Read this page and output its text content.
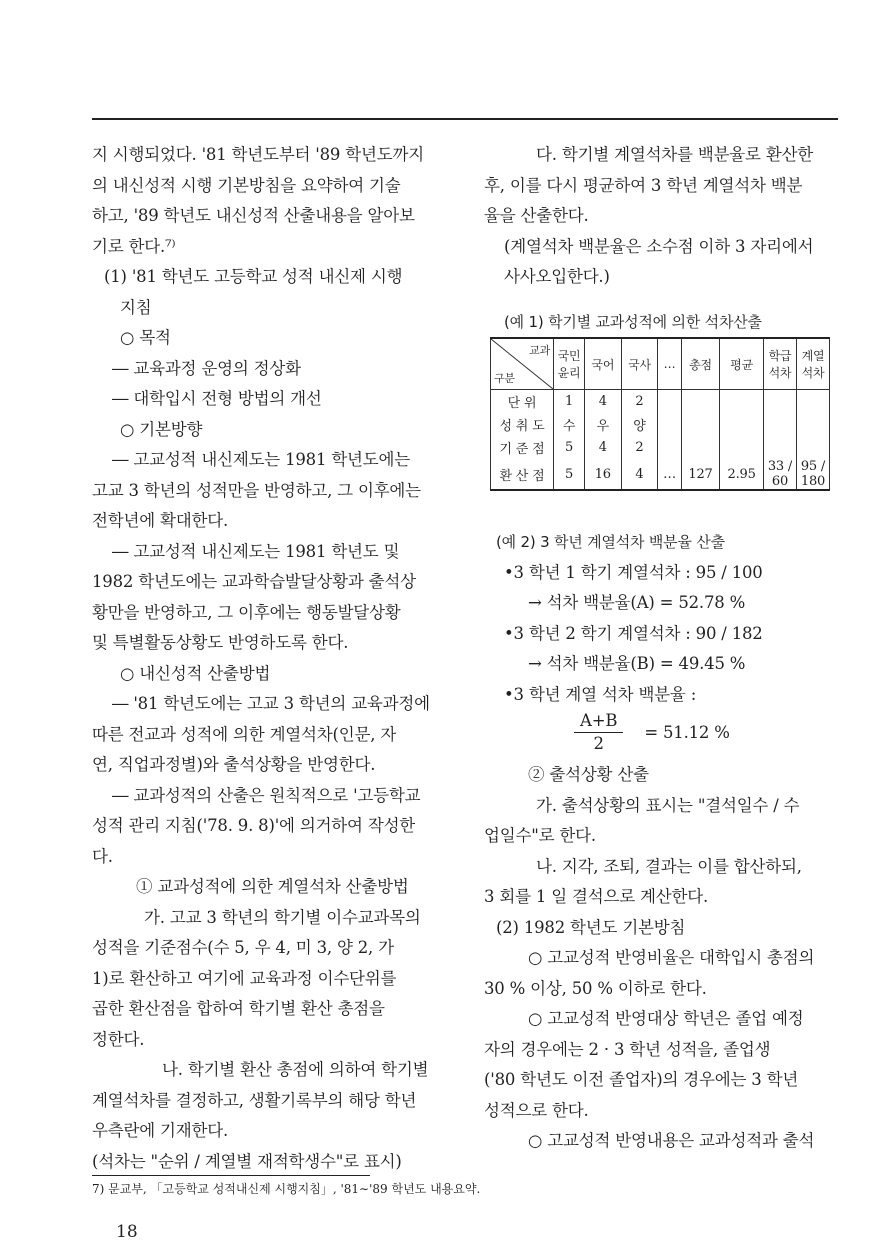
지 시행되었다. '81 학년도부터 '89 학년도까지
의 내신성적 시행 기본방침을 요약하여 기술
하고, '89 학년도 내신성적 산출내용을 알아보
기로 한다.⁷⁾
(1) '81 학년도 고등학교 성적 내신제 시행
지침
○ 목적
― 교육과정 운영의 정상화
― 대학입시 전형 방법의 개선
○ 기본방향
― 고교성적 내신제도는 1981 학년도에는
고교 3 학년의 성적만을 반영하고, 그 이후에는
전학년에 확대한다.
― 고교성적 내신제도는 1981 학년도 및
1982 학년도에는 교과학습발달상황과 출석상
황만을 반영하고, 그 이후에는 행동발달상황
및 특별활동상황도 반영하도록 한다.
○ 내신성적 산출방법
― '81 학년도에는 고교 3 학년의 교육과정에
따른 전교과 성적에 의한 계열석차(인문, 자
연, 직업과정별)와 출석상황을 반영한다.
― 교과성적의 산출은 원칙적으로 '고등학교
성적 관리 지침('78. 9. 8)'에 의거하여 작성한
다.
① 교과성적에 의한 계열석차 산출방법
가. 고교 3 학년의 학기별 이수교과목의
성적을 기준점수(수 5, 우 4, 미 3, 양 2, 가
1)로 환산하고 여기에 교육과정 이수단위를
곱한 환산점을 합하여 학기별 환산 총점을
정한다.
나. 학기별 환산 총점에 의하여 학기별
계열석차를 결정하고, 생활기록부의 해당 학년
우측란에 기재한다.
(석차는 "순위 / 계열별 재적학생수"로 표시)
다. 학기별 계열석차를 백분율로 환산한
후, 이를 다시 평균하여 3 학년 계열석차 백분
율을 산출한다.
(계열석차 백분율은 소수점 이하 3 자리에서
사사오입한다.)
(예 1) 학기별 교과성적에 의한 석차산출
교과
구분	국민윤리	국어	국사	…	총점	평균	학급석차	계열석차
단 위	1	4	2					
성 취 도	수	우	양					
기 준 점	5	4	2					
환 산 점	5	16	4	…	127	2.95	33 / 60	95 / 180
(예 2) 3 학년 계열석차 백분율 산출
•3 학년 1 학기 계열석차 : 95 / 100
→ 석차 백분율(A) = 52.78 %
•3 학년 2 학기 계열석차 : 90 / 182
→ 석차 백분율(B) = 49.45 %
•3 학년 계열 석차 백분율 :
$\frac{A+B}{2} = 51.12$ %
② 출석상황 산출
가. 출석상황의 표시는 "결석일수 / 수
업일수"로 한다.
나. 지각, 조퇴, 결과는 이를 합산하되,
3 회를 1 일 결석으로 계산한다.
(2) 1982 학년도 기본방침
○ 고교성적 반영비율은 대학입시 총점의
30 % 이상, 50 % 이하로 한다.
○ 고교성적 반영대상 학년은 졸업 예정
자의 경우에는 2 · 3 학년 성적을, 졸업생
('80 학년도 이전 졸업자)의 경우에는 3 학년
성적으로 한다.
○ 고교성적 반영내용은 교과성적과 출석
7) 문교부, 「고등학교 성적내신제 시행지침」, '81∼'89 학년도 내용요약.
18
